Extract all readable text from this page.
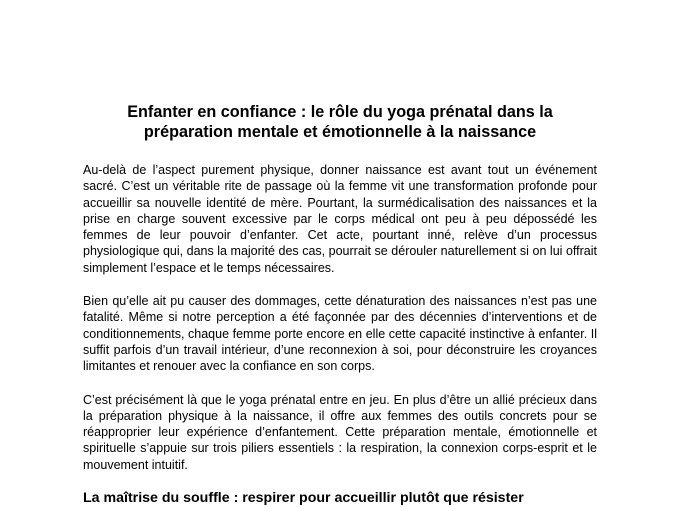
Enfanter en confiance : le rôle du yoga prénatal dans la préparation mentale et émotionnelle à la naissance

Au-delà de l’aspect purement physique, donner naissance est avant tout un événement sacré. C’est un véritable rite de passage où la femme vit une transformation profonde pour accueillir sa nouvelle identité de mère. Pourtant, la surmédicalisation des naissances et la prise en charge souvent excessive par le corps médical ont peu à peu dépossédé les femmes de leur pouvoir d’enfanter. Cet acte, pourtant inné, relève d’un processus physiologique qui, dans la majorité des cas, pourrait se dérouler naturellement si on lui offrait simplement l’espace et le temps nécessaires.

Bien qu’elle ait pu causer des dommages, cette dénaturation des naissances n’est pas une fatalité. Même si notre perception a été façonnée par des décennies d’interventions et de conditionnements, chaque femme porte encore en elle cette capacité instinctive à enfanter. Il suffit parfois d’un travail intérieur, d’une reconnexion à soi, pour déconstruire les croyances limitantes et renouer avec la confiance en son corps.

C’est précisément là que le yoga prénatal entre en jeu. En plus d’être un allié précieux dans la préparation physique à la naissance, il offre aux femmes des outils concrets pour se réapproprier leur expérience d’enfantement. Cette préparation mentale, émotionnelle et spirituelle s’appuie sur trois piliers essentiels : la respiration, la connexion corps-esprit et le mouvement intuitif.

La maîtrise du souffle : respirer pour accueillir plutôt que résister
